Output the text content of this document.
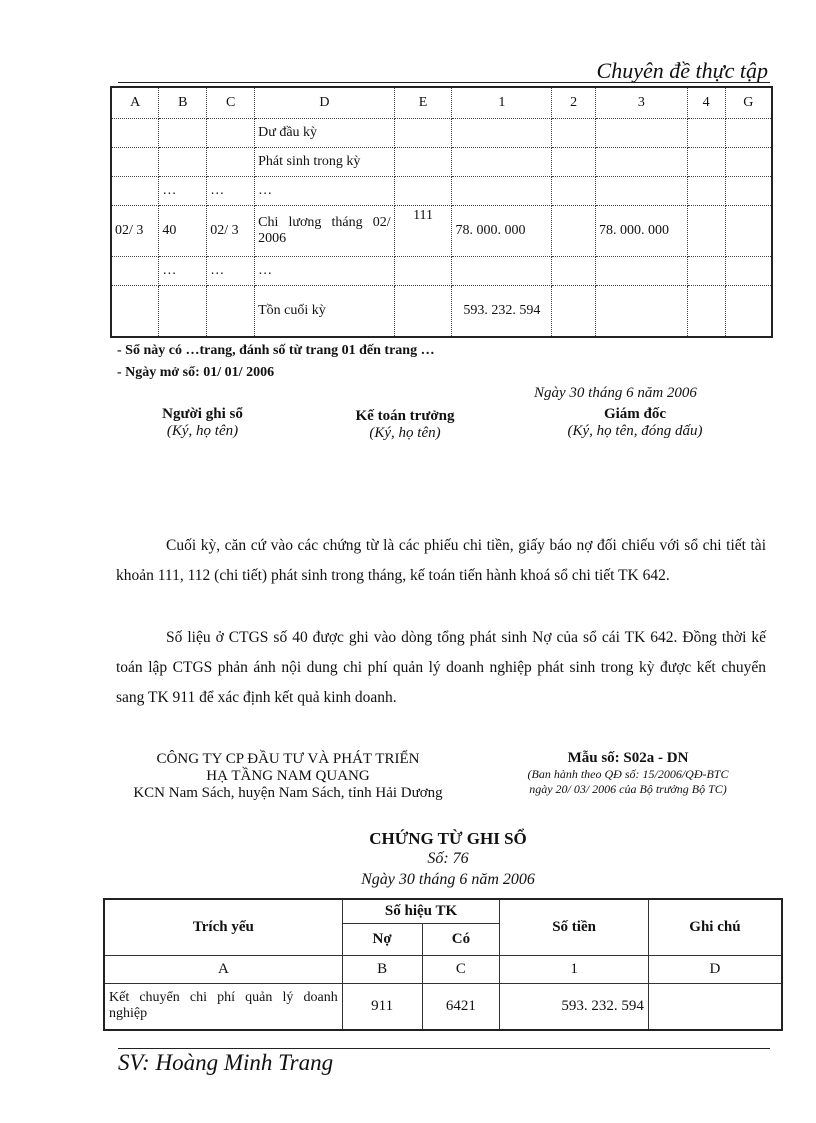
Chuyên đề thực tập
A	B	C	D	E	1	2	3	4	G
			Dư đầu kỳ						
			Phát sinh trong kỳ						
	…	…	…						
02/ 3	40	02/ 3	Chi lương tháng 02/ 2006	111	78. 000. 000		78. 000. 000		
	…	…	…						
			Tồn cuối kỳ		593. 232. 594				
- Sổ này có …trang, đánh số từ trang 01 đến trang …
- Ngày mở sổ: 01/ 01/ 2006
Ngày 30 tháng 6 năm 2006
Người ghi sổ
(Ký, họ tên)
Kế toán trưởng
(Ký, họ tên)
Giám đốc
(Ký, họ tên, đóng dấu)
Cuối kỳ, căn cứ vào các chứng từ là các phiếu chi tiền, giấy báo nợ đối chiếu với sổ chi tiết tài khoản 111, 112 (chi tiết) phát sinh trong tháng, kế toán tiến hành khoá sổ chi tiết TK 642.
Số liệu ở CTGS số 40 được ghi vào dòng tổng phát sinh Nợ của sổ cái TK 642. Đồng thời kế toán lập CTGS phản ánh nội dung chi phí quản lý doanh nghiệp phát sinh trong kỳ được kết chuyển sang TK 911 để xác định kết quả kinh doanh.
CÔNG TY CP ĐẦU TƯ VÀ PHÁT TRIỂN
HẠ TẦNG NAM QUANG
KCN Nam Sách, huyện Nam Sách, tỉnh Hải Dương
Mẫu số: S02a - DN
(Ban hành theo QĐ số: 15/2006/QĐ-BTC
ngày 20/ 03/ 2006 của Bộ trưởng Bộ TC)
CHỨNG TỪ GHI SỔ
Số: 76
Ngày 30 tháng 6 năm 2006
Trích yếu	Số hiệu TK		Số tiền	Ghi chú
	Nợ	Có		
A	B	C	1	D
Kết chuyển chi phí quản lý doanh nghiệp	911	6421	593. 232. 594	
SV: Hoàng Minh Trang
